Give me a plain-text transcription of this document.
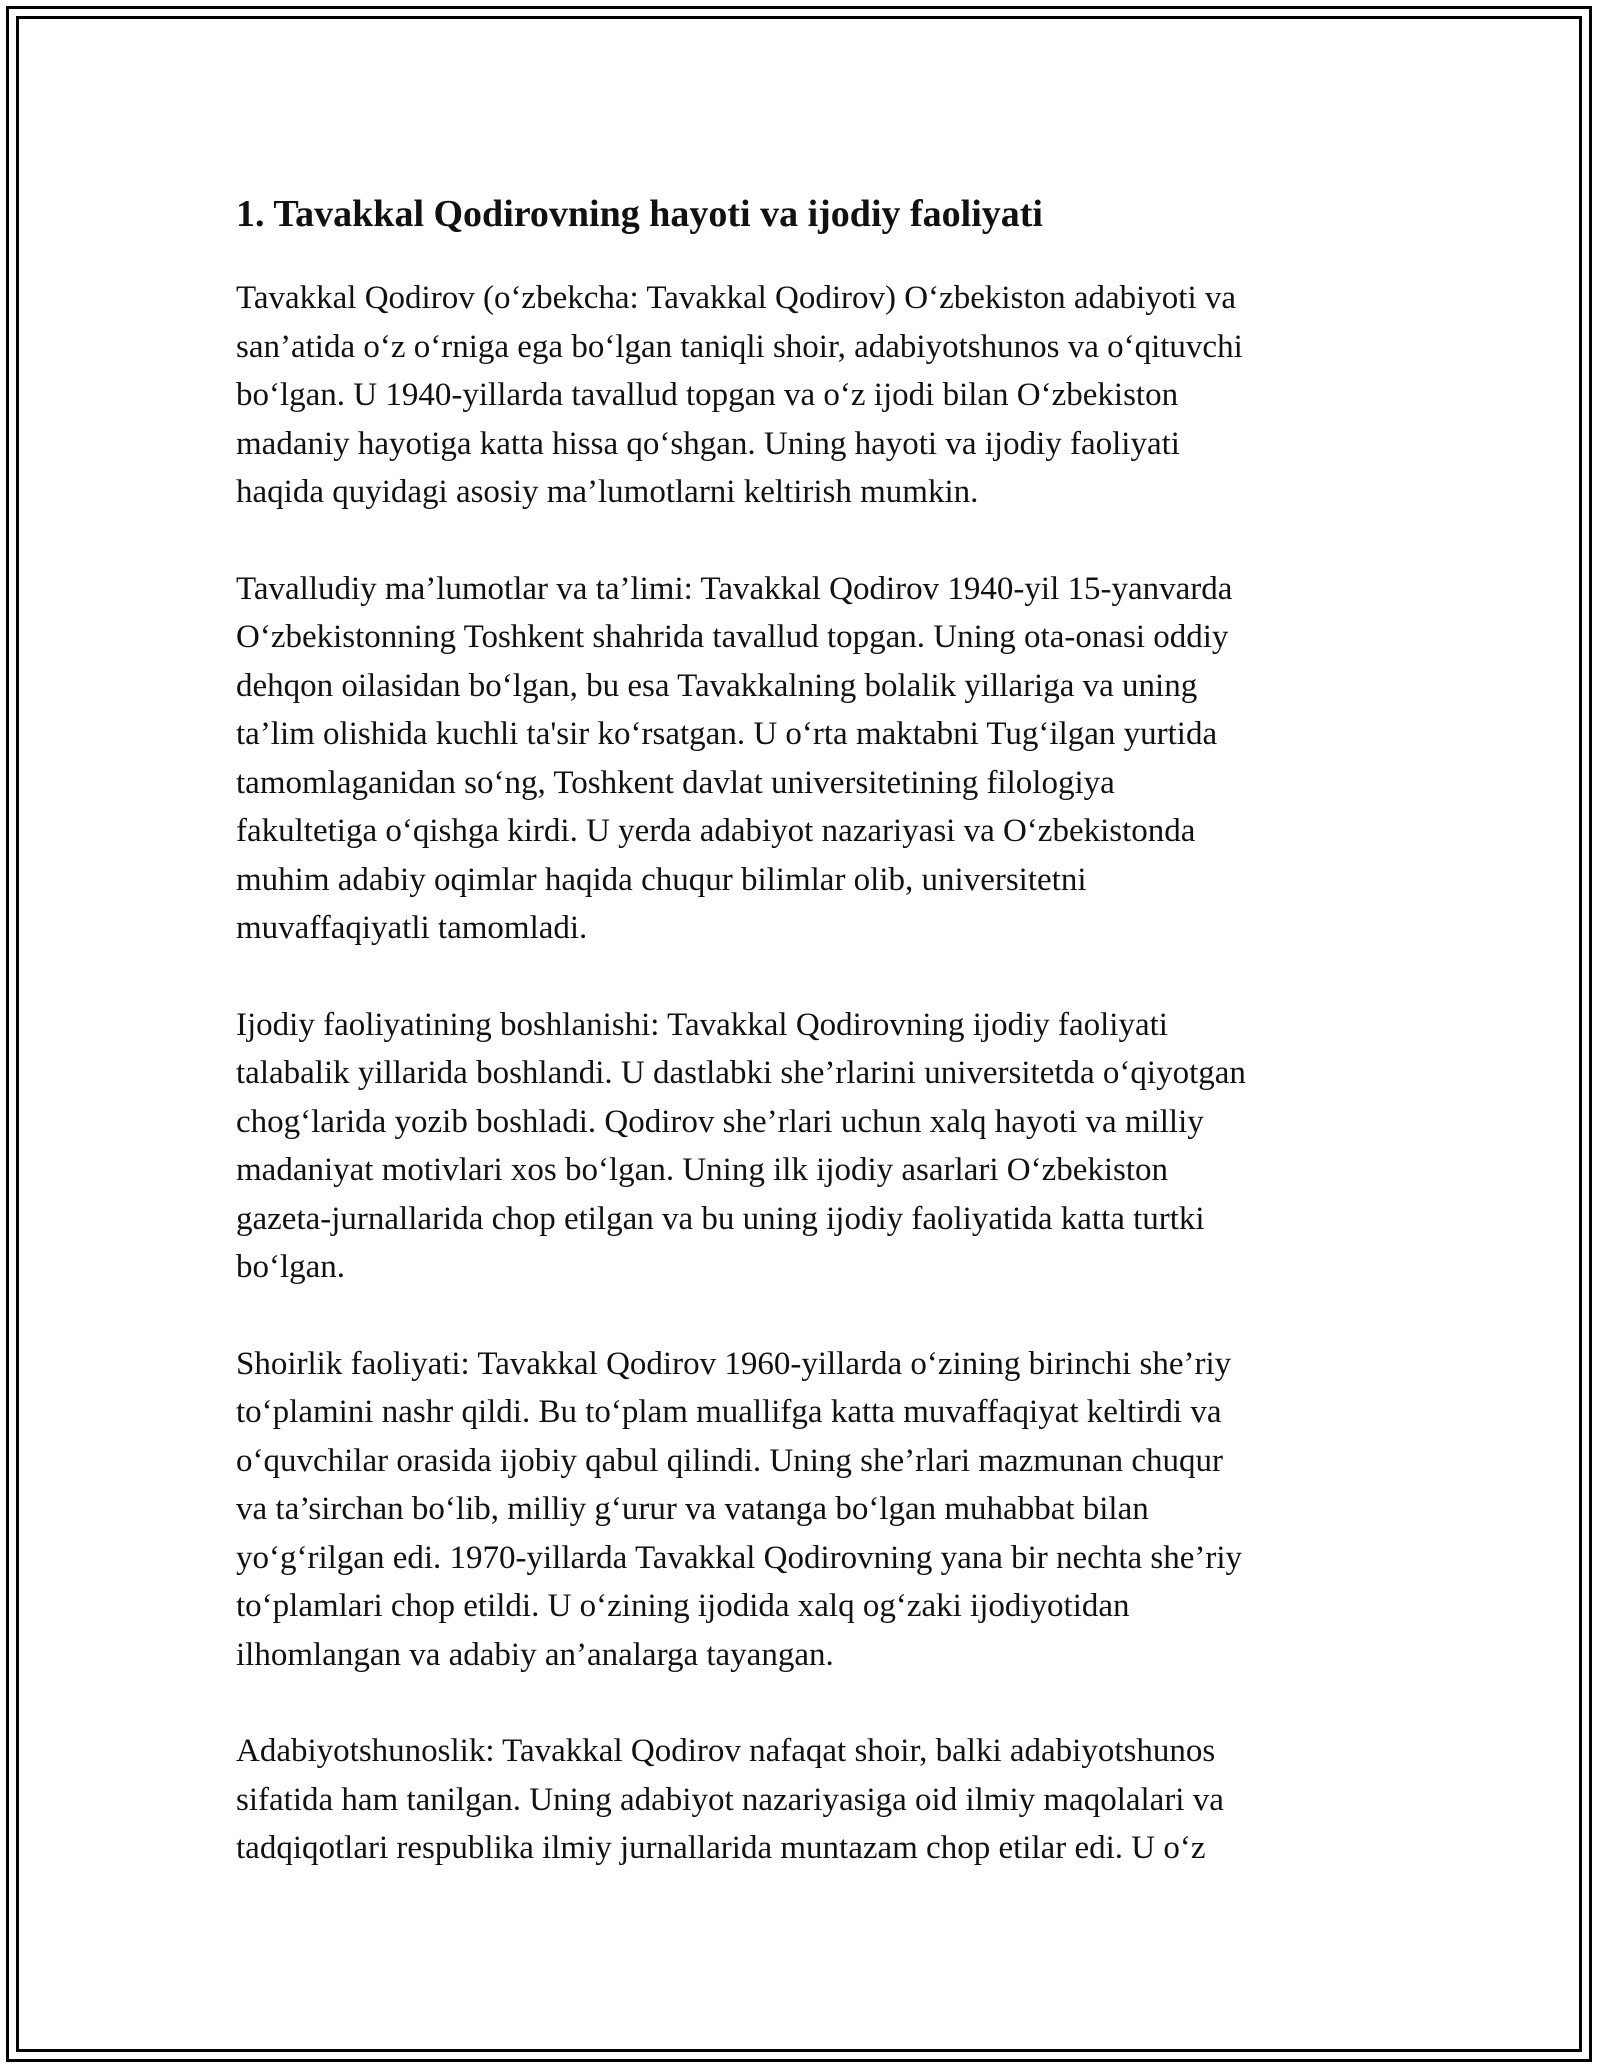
1. Tavakkal Qodirovning hayoti va ijodiy faoliyati

Tavakkal Qodirov (o‘zbekcha: Tavakkal Qodirov) O‘zbekiston adabiyoti va
san’atida o‘z o‘rniga ega bo‘lgan taniqli shoir, adabiyotshunos va o‘qituvchi
bo‘lgan. U 1940-yillarda tavallud topgan va o‘z ijodi bilan O‘zbekiston
madaniy hayotiga katta hissa qo‘shgan. Uning hayoti va ijodiy faoliyati
haqida quyidagi asosiy ma’lumotlarni keltirish mumkin.

Tavalludiy ma’lumotlar va ta’limi: Tavakkal Qodirov 1940-yil 15-yanvarda
O‘zbekistonning Toshkent shahrida tavallud topgan. Uning ota-onasi oddiy
dehqon oilasidan bo‘lgan, bu esa Tavakkalning bolalik yillariga va uning
ta’lim olishida kuchli ta'sir ko‘rsatgan. U o‘rta maktabni Tug‘ilgan yurtida
tamomlaganidan so‘ng, Toshkent davlat universitetining filologiya
fakultetiga o‘qishga kirdi. U yerda adabiyot nazariyasi va O‘zbekistonda
muhim adabiy oqimlar haqida chuqur bilimlar olib, universitetni
muvaffaqiyatli tamomladi.

Ijodiy faoliyatining boshlanishi: Tavakkal Qodirovning ijodiy faoliyati
talabalik yillarida boshlandi. U dastlabki she’rlarini universitetda o‘qiyotgan
chog‘larida yozib boshladi. Qodirov she’rlari uchun xalq hayoti va milliy
madaniyat motivlari xos bo‘lgan. Uning ilk ijodiy asarlari O‘zbekiston
gazeta-jurnallarida chop etilgan va bu uning ijodiy faoliyatida katta turtki
bo‘lgan.

Shoirlik faoliyati: Tavakkal Qodirov 1960-yillarda o‘zining birinchi she’riy
to‘plamini nashr qildi. Bu to‘plam muallifga katta muvaffaqiyat keltirdi va
o‘quvchilar orasida ijobiy qabul qilindi. Uning she’rlari mazmunan chuqur
va ta’sirchan bo‘lib, milliy g‘urur va vatanga bo‘lgan muhabbat bilan
yo‘g‘rilgan edi. 1970-yillarda Tavakkal Qodirovning yana bir nechta she’riy
to‘plamlari chop etildi. U o‘zining ijodida xalq og‘zaki ijodiyotidan
ilhomlangan va adabiy an’analarga tayangan.

Adabiyotshunoslik: Tavakkal Qodirov nafaqat shoir, balki adabiyotshunos
sifatida ham tanilgan. Uning adabiyot nazariyasiga oid ilmiy maqolalari va
tadqiqotlari respublika ilmiy jurnallarida muntazam chop etilar edi. U o‘z
